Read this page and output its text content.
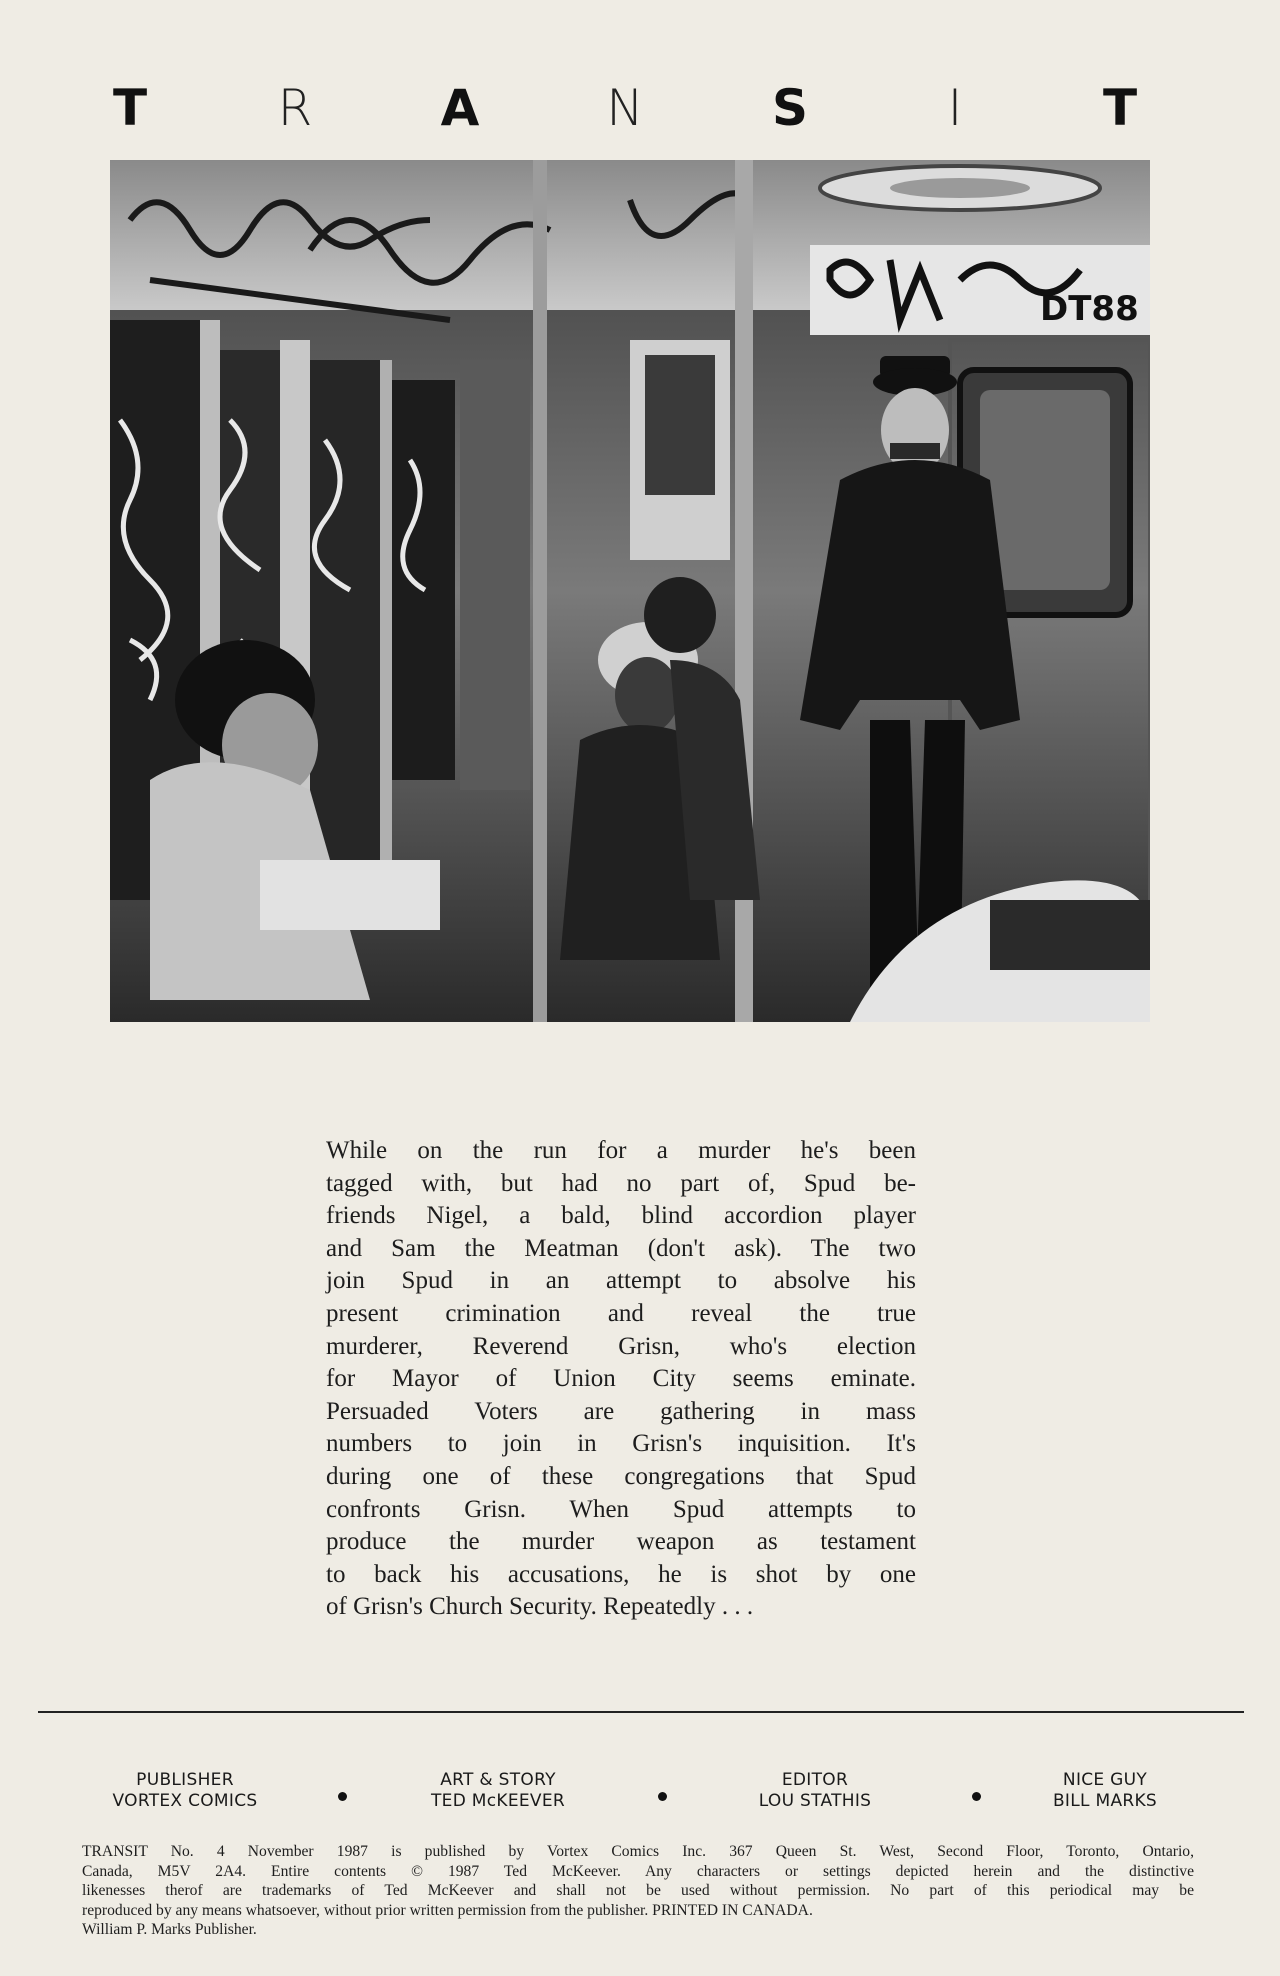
T	R	A	N	S	I	T
DT88
While on the run for a murder he's been
tagged with, but had no part of, Spud be-
friends Nigel, a bald, blind accordion player
and Sam the Meatman (don't ask). The two
join Spud in an attempt to absolve his
present crimination and reveal the true
murderer, Reverend Grisn, who's election
for Mayor of Union City seems eminate.
Persuaded Voters are gathering in mass
numbers to join in Grisn's inquisition. It's
during one of these congregations that Spud
confronts Grisn. When Spud attempts to
produce the murder weapon as testament
to back his accusations, he is shot by one
of Grisn's Church Security. Repeatedly . . .
PUBLISHER
VORTEX COMICS
ART & STORY
TED McKEEVER
EDITOR
LOU STATHIS
NICE GUY
BILL MARKS
TRANSIT No. 4 November 1987 is published by Vortex Comics Inc. 367 Queen St. West, Second Floor, Toronto, Ontario,
Canada, M5V 2A4. Entire contents © 1987 Ted McKeever. Any characters or settings depicted herein and the distinctive
likenesses therof are trademarks of Ted McKeever and shall not be used without permission. No part of this periodical may be
reproduced by any means whatsoever, without prior written permission from the publisher. PRINTED IN CANADA.
William P. Marks Publisher.
